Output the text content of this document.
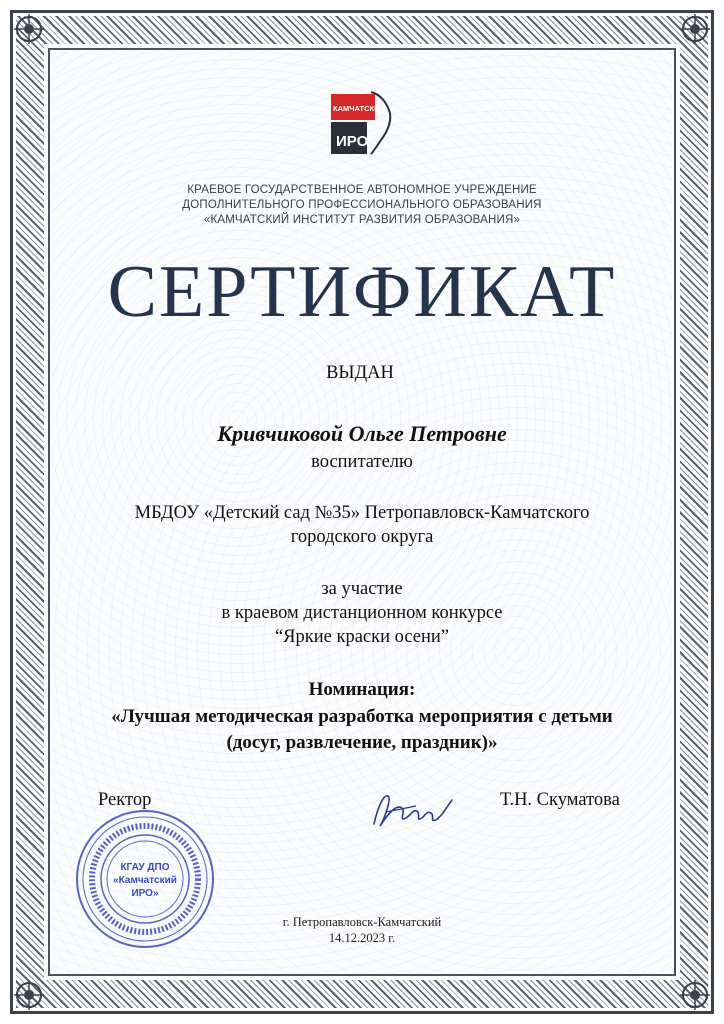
КАМЧАТСКИЙ
ИРО
КРАЕВОЕ ГОСУДАРСТВЕННОЕ АВТОНОМНОЕ УЧРЕЖДЕНИЕ
ДОПОЛНИТЕЛЬНОГО ПРОФЕССИОНАЛЬНОГО ОБРАЗОВАНИЯ
«КАМЧАТСКИЙ ИНСТИТУТ РАЗВИТИЯ ОБРАЗОВАНИЯ»
СЕРТИФИКАТ
ВЫДАН
Кривчиковой Ольге Петровне
воспитателю
МБДОУ «Детский сад №35» Петропавловск-Камчатского
городского округа
за участие
в краевом дистанционном конкурсе
“Яркие краски осени”
Номинация:
«Лучшая методическая разработка мероприятия с детьми
(досуг, развлечение, праздник)»
Ректор	Т.Н. Скуматова
КГАУ ДПО
«Камчатский
ИРО»
г. Петропавловск-Камчатский
14.12.2023 г.
